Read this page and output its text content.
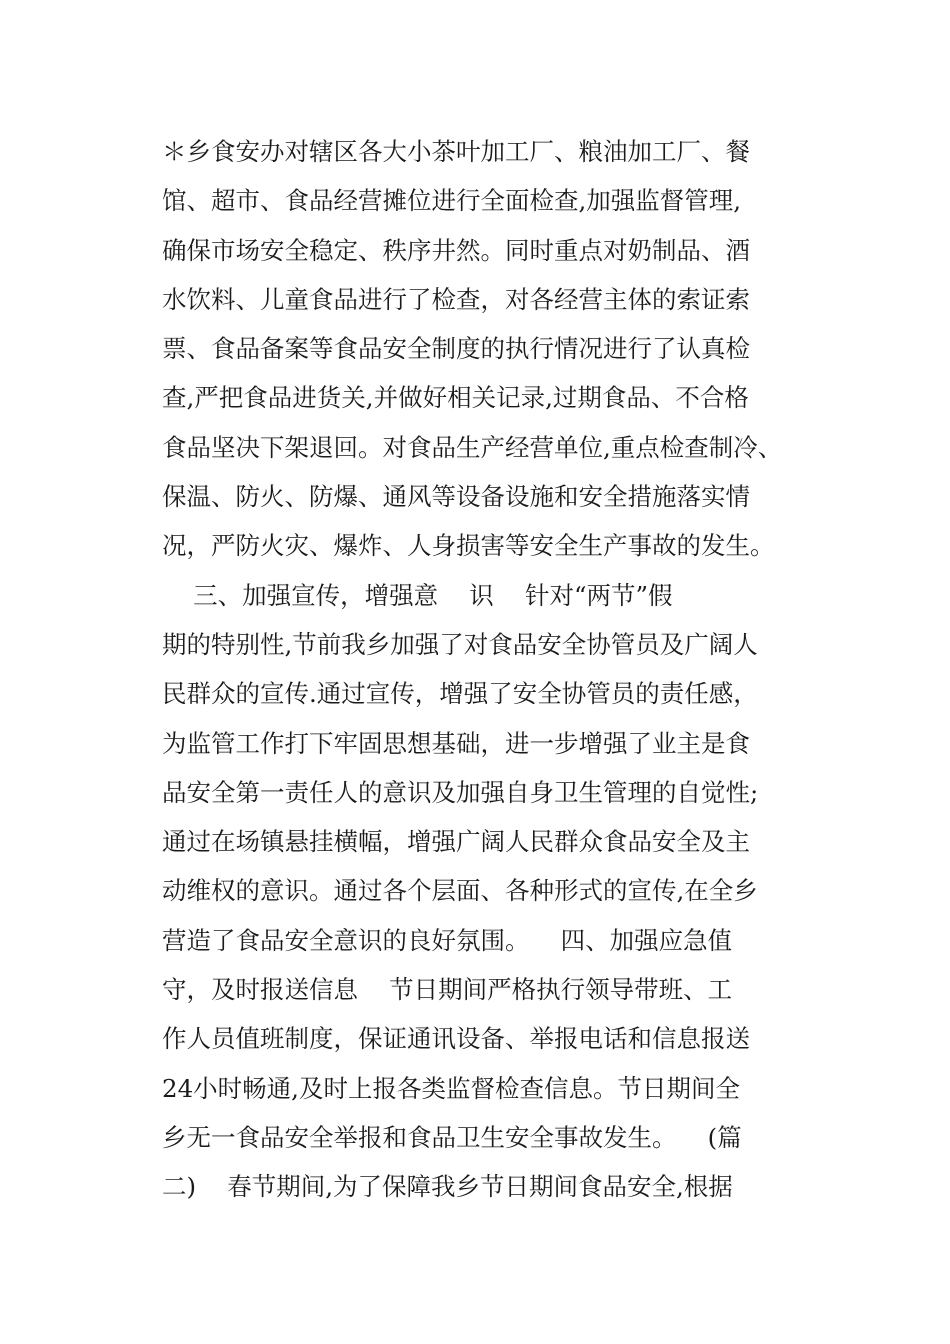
＊乡食安办对辖区各大小茶叶加工厂、粮油加工厂、餐
馆、超市、食品经营摊位进行全面检查,加强监督管理,
确保市场安全稳定、秩序井然。同时重点对奶制品、酒
水饮料、儿童食品进行了检查，对各经营主体的索证索
票、食品备案等食品安全制度的执行情况进行了认真检
查,严把食品进货关,并做好相关记录,过期食品、不合格
食品坚决下架退回。对食品生产经营单位,重点检查制冷、
保温、防火、防爆、通风等设备设施和安全措施落实情
况，严防火灾、爆炸、人身损害等安全生产事故的发生。
三、加强宣传，增强意    识    针对“两节”假
期的特别性,节前我乡加强了对食品安全协管员及广阔人
民群众的宣传.通过宣传，增强了安全协管员的责任感，
为监管工作打下牢固思想基础，进一步增强了业主是食
品安全第一责任人的意识及加强自身卫生管理的自觉性;
通过在场镇悬挂横幅，增强广阔人民群众食品安全及主
动维权的意识。通过各个层面、各种形式的宣传,在全乡
营造了食品安全意识的良好氛围。    四、加强应急值
守，及时报送信息    节日期间严格执行领导带班、工
作人员值班制度，保证通讯设备、举报电话和信息报送
24小时畅通,及时上报各类监督检查信息。节日期间全
乡无一食品安全举报和食品卫生安全事故发生。    (篇
二)    春节期间,为了保障我乡节日期间食品安全,根据
